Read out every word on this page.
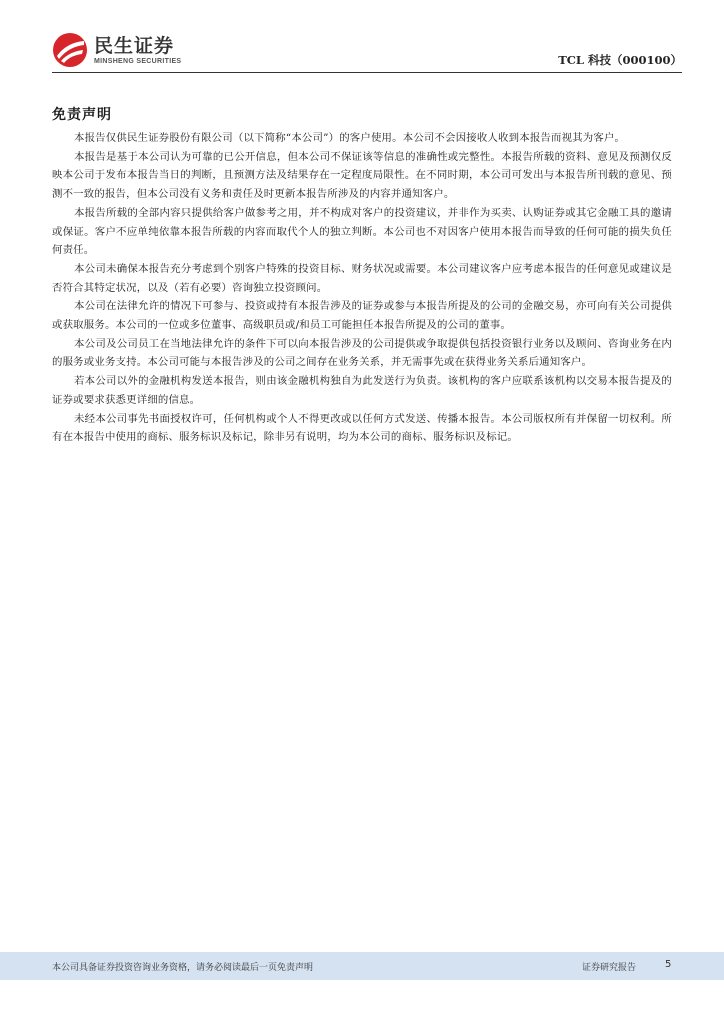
民生证券
MINSHENG SECURITIES	TCL 科技（000100）
免责声明

本报告仅供民生证券股份有限公司（以下简称“本公司”）的客户使用。本公司不会因接收人收到本报告而视其为客户。

本报告是基于本公司认为可靠的已公开信息，但本公司不保证该等信息的准确性或完整性。本报告所载的资料、意见及预测仅反映本公司于发布本报告当日的判断，且预测方法及结果存在一定程度局限性。在不同时期，本公司可发出与本报告所刊载的意见、预测不一致的报告，但本公司没有义务和责任及时更新本报告所涉及的内容并通知客户。

本报告所载的全部内容只提供给客户做参考之用，并不构成对客户的投资建议，并非作为买卖、认购证券或其它金融工具的邀请或保证。客户不应单纯依靠本报告所载的内容而取代个人的独立判断。本公司也不对因客户使用本报告而导致的任何可能的损失负任何责任。

本公司未确保本报告充分考虑到个别客户特殊的投资目标、财务状况或需要。本公司建议客户应考虑本报告的任何意见或建议是否符合其特定状况，以及（若有必要）咨询独立投资顾问。

本公司在法律允许的情况下可参与、投资或持有本报告涉及的证券或参与本报告所提及的公司的金融交易，亦可向有关公司提供或获取服务。本公司的一位或多位董事、高级职员或/和员工可能担任本报告所提及的公司的董事。

本公司及公司员工在当地法律允许的条件下可以向本报告涉及的公司提供或争取提供包括投资银行业务以及顾问、咨询业务在内的服务或业务支持。本公司可能与本报告涉及的公司之间存在业务关系，并无需事先或在获得业务关系后通知客户。

若本公司以外的金融机构发送本报告，则由该金融机构独自为此发送行为负责。该机构的客户应联系该机构以交易本报告提及的证券或要求获悉更详细的信息。

未经本公司事先书面授权许可，任何机构或个人不得更改或以任何方式发送、传播本报告。本公司版权所有并保留一切权利。所有在本报告中使用的商标、服务标识及标记，除非另有说明，均为本公司的商标、服务标识及标记。

本公司具备证券投资咨询业务资格，请务必阅读最后一页免责声明	证券研究报告	5
